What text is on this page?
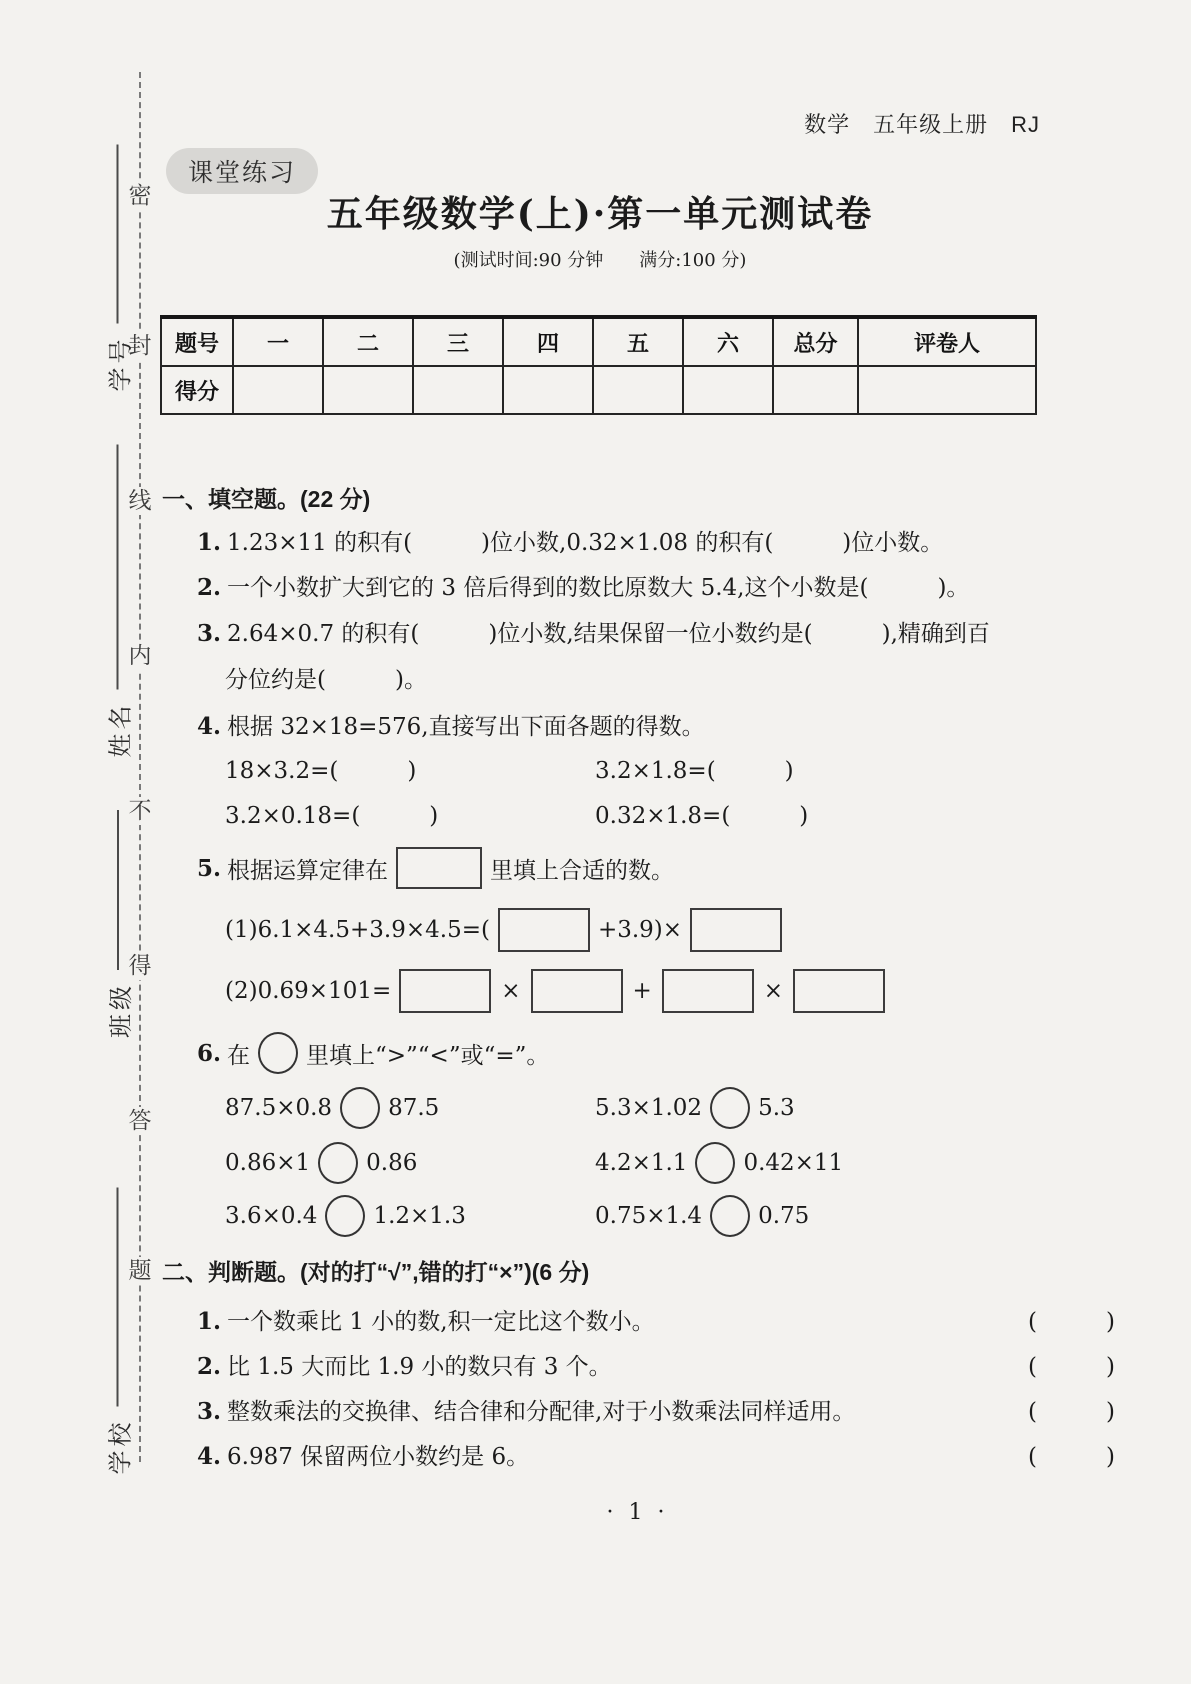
密
封
线
内
不
得
答
题
学号
姓名
班级
学校
数学　五年级上册　RJ
课堂练习
五年级数学(上)·第一单元测试卷
(测试时间:90 分钟　　满分:100 分)
题号	一	二	三	四	五	六	总分	评卷人
得分								
一、填空题。(22 分)
1. 1.23×11 的积有(　　　)位小数,0.32×1.08 的积有(　　　)位小数。
2. 一个小数扩大到它的 3 倍后得到的数比原数大 5.4,这个小数是(　　　)。
3. 2.64×0.7 的积有(　　　)位小数,结果保留一位小数约是(　　　),精确到百
分位约是(　　　)。
4. 根据 32×18=576,直接写出下面各题的得数。
18×3.2=(　　　)	3.2×1.8=(　　　)
3.2×0.18=(　　　)	0.32×1.8=(　　　)
5. 根据运算定律在	里填上合适的数。
(1)6.1×4.5+3.9×4.5=(	+3.9)×
(2)0.69×101=	×	+	×
6. 在 里填上“>”“<”或“=”。
87.5×0.8 87.5	5.3×1.02 5.3
0.86×1 0.86	4.2×1.1 0.42×11
3.6×0.4 1.2×1.3	0.75×1.4 0.75
二、判断题。(对的打“√”,错的打“×”)(6 分)
1. 一个数乘比 1 小的数,积一定比这个数小。	(　　　)
2. 比 1.5 大而比 1.9 小的数只有 3 个。	(　　　)
3. 整数乘法的交换律、结合律和分配律,对于小数乘法同样适用。	(　　　)
4. 6.987 保留两位小数约是 6。	(　　　)
· 1 ·
